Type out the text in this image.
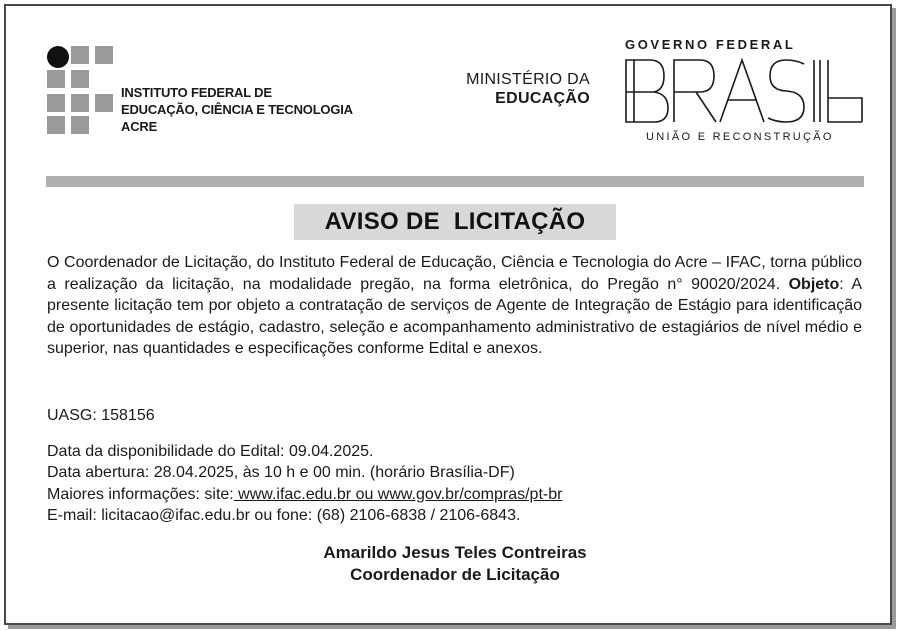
INSTITUTO FEDERAL DE
EDUCAÇÃO, CIÊNCIA E TECNOLOGIA
ACRE
MINISTÉRIO DA
EDUCAÇÃO
GOVERNO FEDERAL
UNIÃO E RECONSTRUÇÃO
AVISO DE  LICITAÇÃO

O Coordenador de Licitação, do Instituto Federal de Educação, Ciência e Tecnologia do Acre – IFAC, torna público a realização da licitação, na modalidade pregão, na forma eletrônica, do Pregão n° 90020/2024. Objeto: A presente licitação tem por objeto a contratação de serviços de Agente de Integração de Estágio para identificação de oportunidades de estágio, cadastro, seleção e acompanhamento administrativo de estagiários de nível médio e superior, nas quantidades e especificações conforme Edital e anexos.

UASG: 158156
Data da disponibilidade do Edital: 09.04.2025.
Data abertura: 28.04.2025, às 10 h e 00 min. (horário Brasília-DF)
Maiores informações: site: www.ifac.edu.br ou www.gov.br/compras/pt-br
E-mail: licitacao@ifac.edu.br ou fone: (68) 2106-6838 / 2106-6843.
Amarildo Jesus Teles Contreiras
Coordenador de Licitação
